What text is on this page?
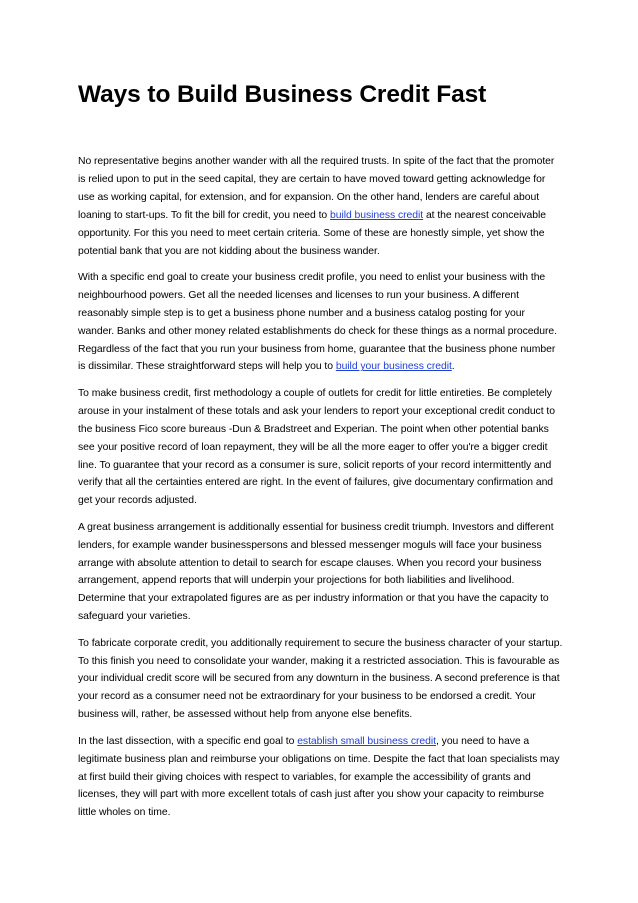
Ways to Build Business Credit Fast

No representative begins another wander with all the required trusts. In spite of the fact that the promoter is relied upon to put in the seed capital, they are certain to have moved toward getting acknowledge for use as working capital, for extension, and for expansion. On the other hand, lenders are careful about loaning to start-ups. To fit the bill for credit, you need to build business credit at the nearest conceivable opportunity. For this you need to meet certain criteria. Some of these are honestly simple, yet show the potential bank that you are not kidding about the business wander.

With a specific end goal to create your business credit profile, you need to enlist your business with the neighbourhood powers. Get all the needed licenses and licenses to run your business. A different reasonably simple step is to get a business phone number and a business catalog posting for your wander. Banks and other money related establishments do check for these things as a normal procedure. Regardless of the fact that you run your business from home, guarantee that the business phone number is dissimilar. These straightforward steps will help you to build your business credit.

To make business credit, first methodology a couple of outlets for credit for little entireties. Be completely arouse in your instalment of these totals and ask your lenders to report your exceptional credit conduct to the business Fico score bureaus -Dun & Bradstreet and Experian. The point when other potential banks see your positive record of loan repayment, they will be all the more eager to offer you're a bigger credit line. To guarantee that your record as a consumer is sure, solicit reports of your record intermittently and verify that all the certainties entered are right. In the event of failures, give documentary confirmation and get your records adjusted.

A great business arrangement is additionally essential for business credit triumph. Investors and different lenders, for example wander businesspersons and blessed messenger moguls will face your business arrange with absolute attention to detail to search for escape clauses. When you record your business arrangement, append reports that will underpin your projections for both liabilities and livelihood. Determine that your extrapolated figures are as per industry information or that you have the capacity to safeguard your varieties.

To fabricate corporate credit, you additionally requirement to secure the business character of your startup. To this finish you need to consolidate your wander, making it a restricted association. This is favourable as your individual credit score will be secured from any downturn in the business. A second preference is that your record as a consumer need not be extraordinary for your business to be endorsed a credit. Your business will, rather, be assessed without help from anyone else benefits.

In the last dissection, with a specific end goal to establish small business credit, you need to have a legitimate business plan and reimburse your obligations on time. Despite the fact that loan specialists may at first build their giving choices with respect to variables, for example the accessibility of grants and licenses, they will part with more excellent totals of cash just after you show your capacity to reimburse little wholes on time.
